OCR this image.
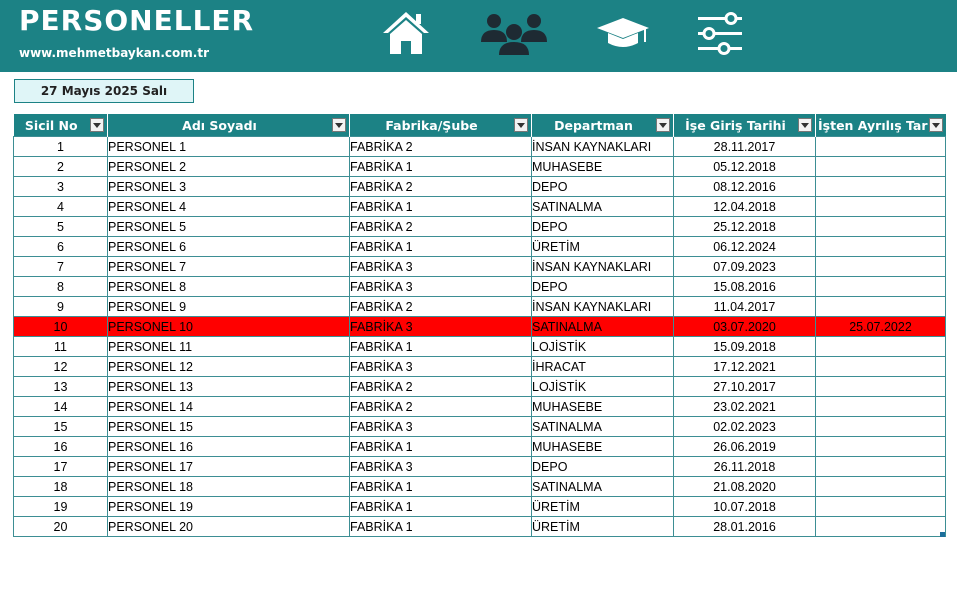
PERSONELLER
www.mehmetbaykan.com.tr
27 Mayıs 2025 Salı
Sicil No	Adı Soyadı	Fabrika/Şube	Departman	İşe Giriş Tarihi	İşten Ayrılış Tar

1	PERSONEL 1	FABRİKA 2	İNSAN KAYNAKLARI	28.11.2017	
2	PERSONEL 2	FABRİKA 1	MUHASEBE	05.12.2018	
3	PERSONEL 3	FABRİKA 2	DEPO	08.12.2016	
4	PERSONEL 4	FABRİKA 1	SATINALMA	12.04.2018	
5	PERSONEL 5	FABRİKA 2	DEPO	25.12.2018	
6	PERSONEL 6	FABRİKA 1	ÜRETİM	06.12.2024	
7	PERSONEL 7	FABRİKA 3	İNSAN KAYNAKLARI	07.09.2023	
8	PERSONEL 8	FABRİKA 3	DEPO	15.08.2016	
9	PERSONEL 9	FABRİKA 2	İNSAN KAYNAKLARI	11.04.2017	
10	PERSONEL 10	FABRİKA 3	SATINALMA	03.07.2020	25.07.2022
11	PERSONEL 11	FABRİKA 1	LOJİSTİK	15.09.2018	
12	PERSONEL 12	FABRİKA 3	İHRACAT	17.12.2021	
13	PERSONEL 13	FABRİKA 2	LOJİSTİK	27.10.2017	
14	PERSONEL 14	FABRİKA 2	MUHASEBE	23.02.2021	
15	PERSONEL 15	FABRİKA 3	SATINALMA	02.02.2023	
16	PERSONEL 16	FABRİKA 1	MUHASEBE	26.06.2019	
17	PERSONEL 17	FABRİKA 3	DEPO	26.11.2018	
18	PERSONEL 18	FABRİKA 1	SATINALMA	21.08.2020	
19	PERSONEL 19	FABRİKA 1	ÜRETİM	10.07.2018	
20	PERSONEL 20	FABRİKA 1	ÜRETİM	28.01.2016	
